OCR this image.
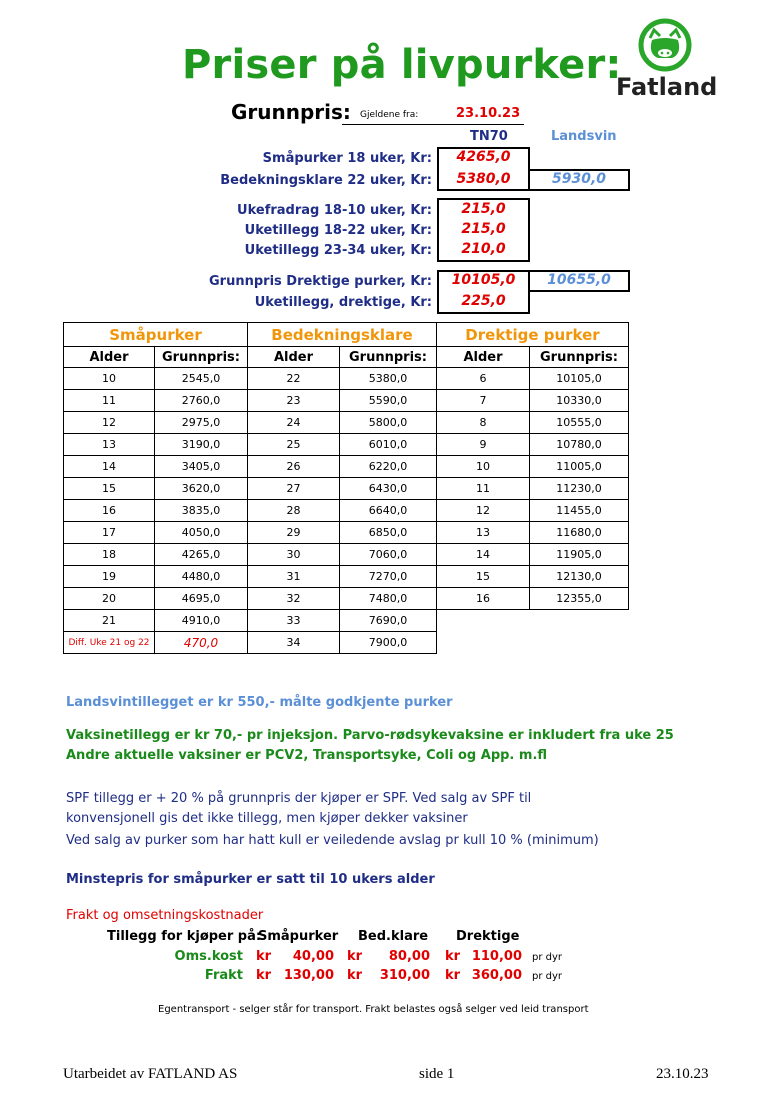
Priser på livpurker:
Fatland
Grunnpris: Gjeldene fra:	23.10.23
TN70	Landsvin
Småpurker 18 uker, Kr:	4265,0
Bedekningsklare 22 uker, Kr:	5380,0	5930,0
Ukefradrag 18-10 uker, Kr:	215,0
Uketillegg 18-22 uker, Kr:	215,0
Uketillegg 23-34 uker, Kr:	210,0
Grunnpris Drektige purker, Kr:	10105,0	10655,0
Uketillegg, drektige, Kr:	225,0
Småpurker		Bedekningsklare		Drektige purker	
Alder	Grunnpris:	Alder	Grunnpris:	Alder	Grunnpris:
10	2545,0	22	5380,0	6	10105,0
11	2760,0	23	5590,0	7	10330,0
12	2975,0	24	5800,0	8	10555,0
13	3190,0	25	6010,0	9	10780,0
14	3405,0	26	6220,0	10	11005,0
15	3620,0	27	6430,0	11	11230,0
16	3835,0	28	6640,0	12	11455,0
17	4050,0	29	6850,0	13	11680,0
18	4265,0	30	7060,0	14	11905,0
19	4480,0	31	7270,0	15	12130,0
20	4695,0	32	7480,0	16	12355,0
21	4910,0	33	7690,0		
Diff. Uke 21 og 22	470,0	34	7900,0		
Landsvintillegget er kr 550,- målte godkjente purker
Vaksinetillegg er kr 70,- pr injeksjon. Parvo-rødsykevaksine er inkludert fra uke 25
Andre aktuelle vaksiner er PCV2, Transportsyke, Coli og App. m.fl
SPF tillegg er + 20 % på grunnpris der kjøper er SPF. Ved salg av SPF til
konvensjonell gis det ikke tillegg, men kjøper dekker vaksiner
Ved salg av purker som har hatt kull er veiledende avslag pr kull 10 % (minimum)
Minstepris for småpurker er satt til 10 ukers alder
Frakt og omsetningskostnader
Tillegg for kjøper på:
Småpurker Bed.klare Drektige
Oms.kost kr	40,00 kr	80,00 kr 110,00 pr dyr
Frakt kr 130,00 kr	310,00 kr 360,00 pr dyr
Egentransport - selger står for transport. Frakt belastes også selger ved leid transport
Utarbeidet av FATLAND AS	side 1	23.10.23
